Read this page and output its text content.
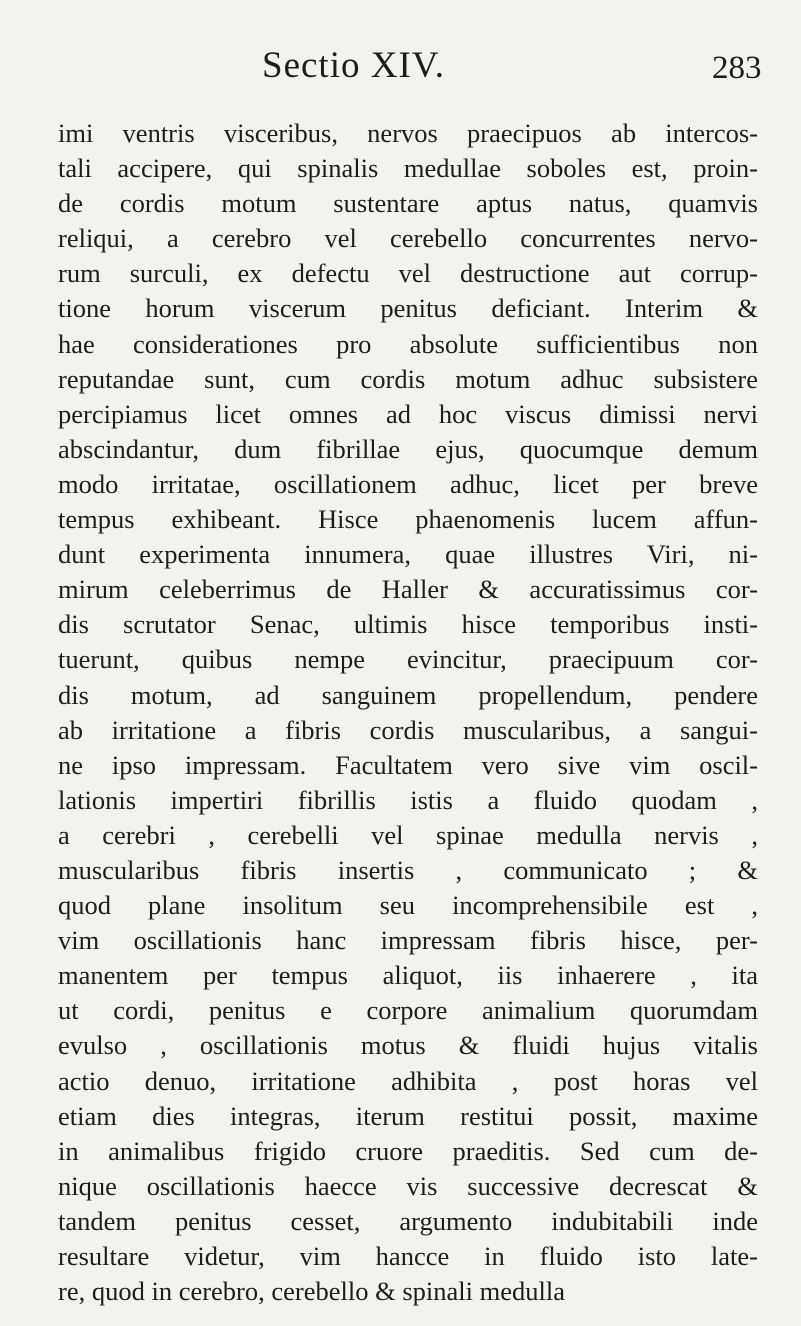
Sectio XIV.	283
imi ventris visceribus, nervos praecipuos ab intercos-
tali accipere, qui spinalis medullae soboles est, proin-
de cordis motum sustentare aptus natus, quamvis
reliqui, a cerebro vel cerebello concurrentes nervo-
rum surculi, ex defectu vel destructione aut corrup-
tione horum viscerum penitus deficiant. Interim &
hae considerationes pro absolute sufficientibus non
reputandae sunt, cum cordis motum adhuc subsistere
percipiamus licet omnes ad hoc viscus dimissi nervi
abscindantur, dum fibrillae ejus, quocumque demum
modo irritatae, oscillationem adhuc, licet per breve
tempus exhibeant. Hisce phaenomenis lucem affun-
dunt experimenta innumera, quae illustres Viri, ni-
mirum celeberrimus de Haller & accuratissimus cor-
dis scrutator Senac, ultimis hisce temporibus insti-
tuerunt, quibus nempe evincitur, praecipuum cor-
dis motum, ad sanguinem propellendum, pendere
ab irritatione a fibris cordis muscularibus, a sangui-
ne ipso impressam. Facultatem vero sive vim oscil-
lationis impertiri fibrillis istis a fluido quodam ,
a cerebri , cerebelli vel spinae medulla nervis ,
muscularibus fibris insertis , communicato ; &
quod plane insolitum seu incomprehensibile est ,
vim oscillationis hanc impressam fibris hisce, per-
manentem per tempus aliquot, iis inhaerere , ita
ut cordi, penitus e corpore animalium quorumdam
evulso , oscillationis motus & fluidi hujus vitalis
actio denuo, irritatione adhibita , post horas vel
etiam dies integras, iterum restitui possit, maxime
in animalibus frigido cruore praeditis. Sed cum de-
nique oscillationis haecce vis successive decrescat &
tandem penitus cesset, argumento indubitabili inde
resultare videtur, vim hancce in fluido isto late-
re, quod in cerebro, cerebello & spinali medulla
